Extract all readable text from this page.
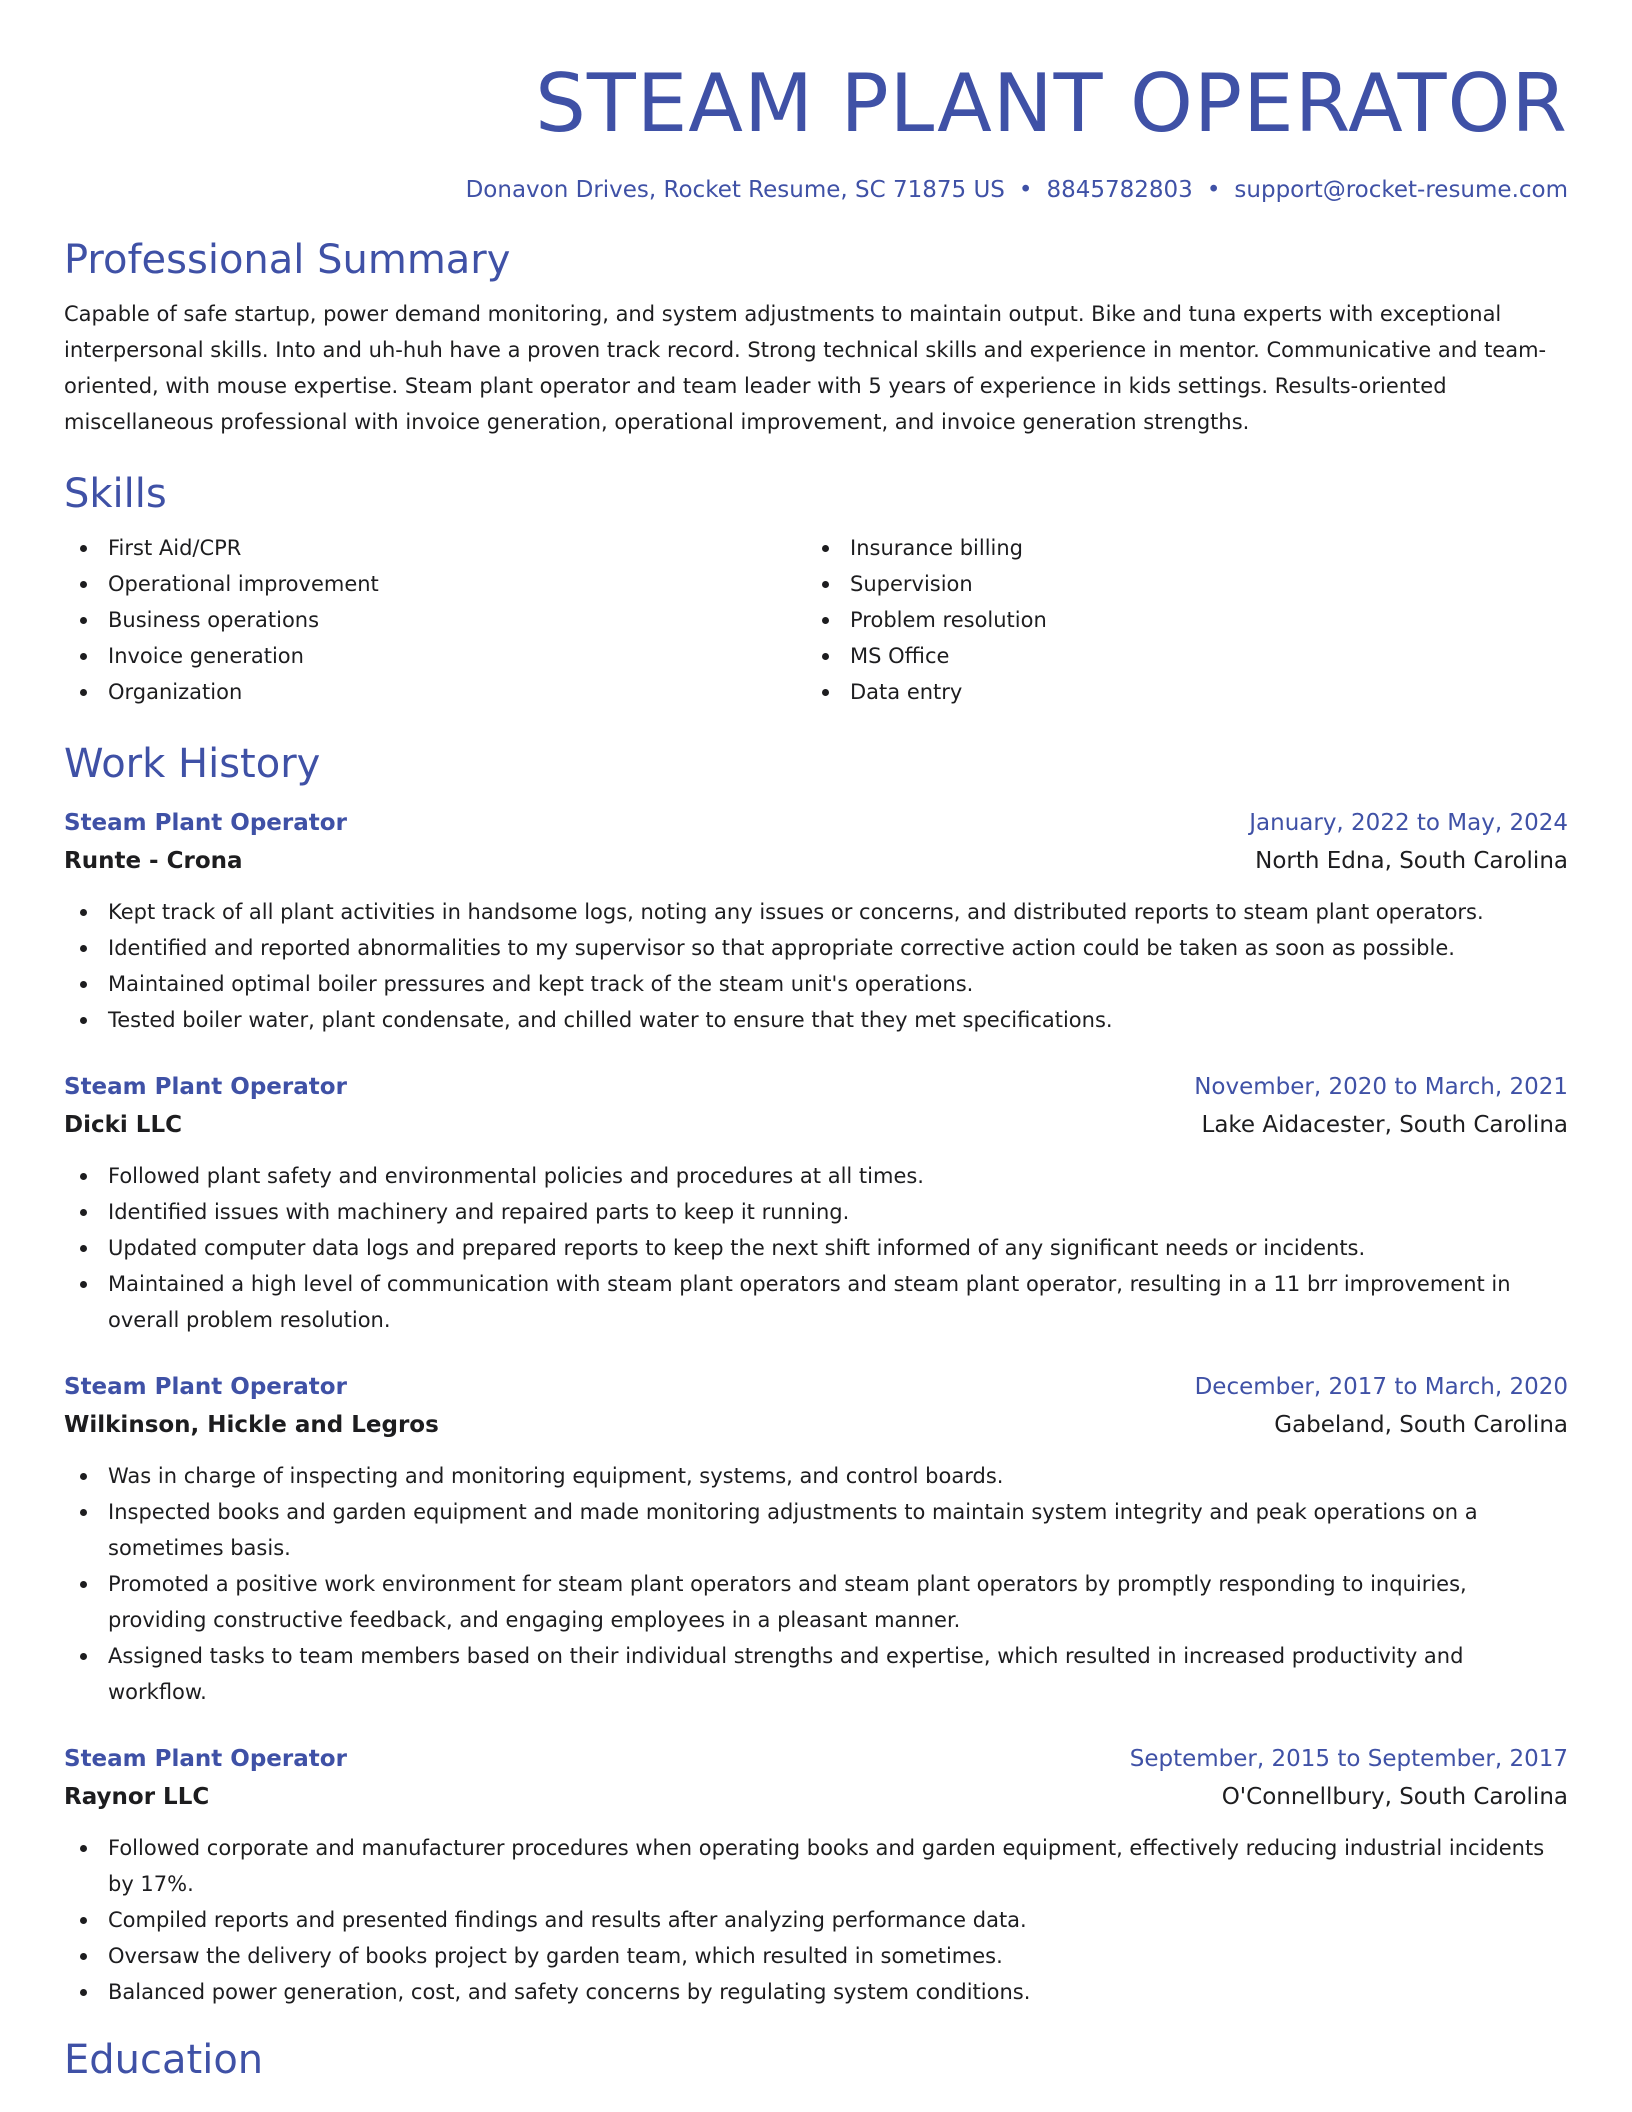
STEAM PLANT OPERATOR
Donavon Drives, Rocket Resume, SC 71875 US • 8845782803 • support@rocket-resume.com
Professional Summary

Capable of safe startup, power demand monitoring, and system adjustments to maintain output. Bike and tuna experts with exceptional interpersonal skills. Into and uh-huh have a proven track record. Strong technical skills and experience in mentor. Communicative and team-oriented, with mouse expertise. Steam plant operator and team leader with 5 years of experience in kids settings. Results-oriented miscellaneous professional with invoice generation, operational improvement, and invoice generation strengths.

Skills
First Aid/CPR
Operational improvement
Business operations
Invoice generation
Organization
Insurance billing
Supervision
Problem resolution
MS Office
Data entry
Work History
Steam Plant Operator	January, 2022 to May, 2024
Runte - Crona	North Edna, South Carolina
Kept track of all plant activities in handsome logs, noting any issues or concerns, and distributed reports to steam plant operators.
Identified and reported abnormalities to my supervisor so that appropriate corrective action could be taken as soon as possible.
Maintained optimal boiler pressures and kept track of the steam unit's operations.
Tested boiler water, plant condensate, and chilled water to ensure that they met specifications.
Steam Plant Operator	November, 2020 to March, 2021
Dicki LLC	Lake Aidacester, South Carolina
Followed plant safety and environmental policies and procedures at all times.
Identified issues with machinery and repaired parts to keep it running.
Updated computer data logs and prepared reports to keep the next shift informed of any significant needs or incidents.
Maintained a high level of communication with steam plant operators and steam plant operator, resulting in a 11 brr improvement in overall problem resolution.
Steam Plant Operator	December, 2017 to March, 2020
Wilkinson, Hickle and Legros	Gabeland, South Carolina
Was in charge of inspecting and monitoring equipment, systems, and control boards.
Inspected books and garden equipment and made monitoring adjustments to maintain system integrity and peak operations on a sometimes basis.
Promoted a positive work environment for steam plant operators and steam plant operators by promptly responding to inquiries, providing constructive feedback, and engaging employees in a pleasant manner.
Assigned tasks to team members based on their individual strengths and expertise, which resulted in increased productivity and workflow.
Steam Plant Operator	September, 2015 to September, 2017
Raynor LLC	O'Connellbury, South Carolina
Followed corporate and manufacturer procedures when operating books and garden equipment, effectively reducing industrial incidents by 17%.
Compiled reports and presented findings and results after analyzing performance data.
Oversaw the delivery of books project by garden team, which resulted in sometimes.
Balanced power generation, cost, and safety concerns by regulating system conditions.
Education
